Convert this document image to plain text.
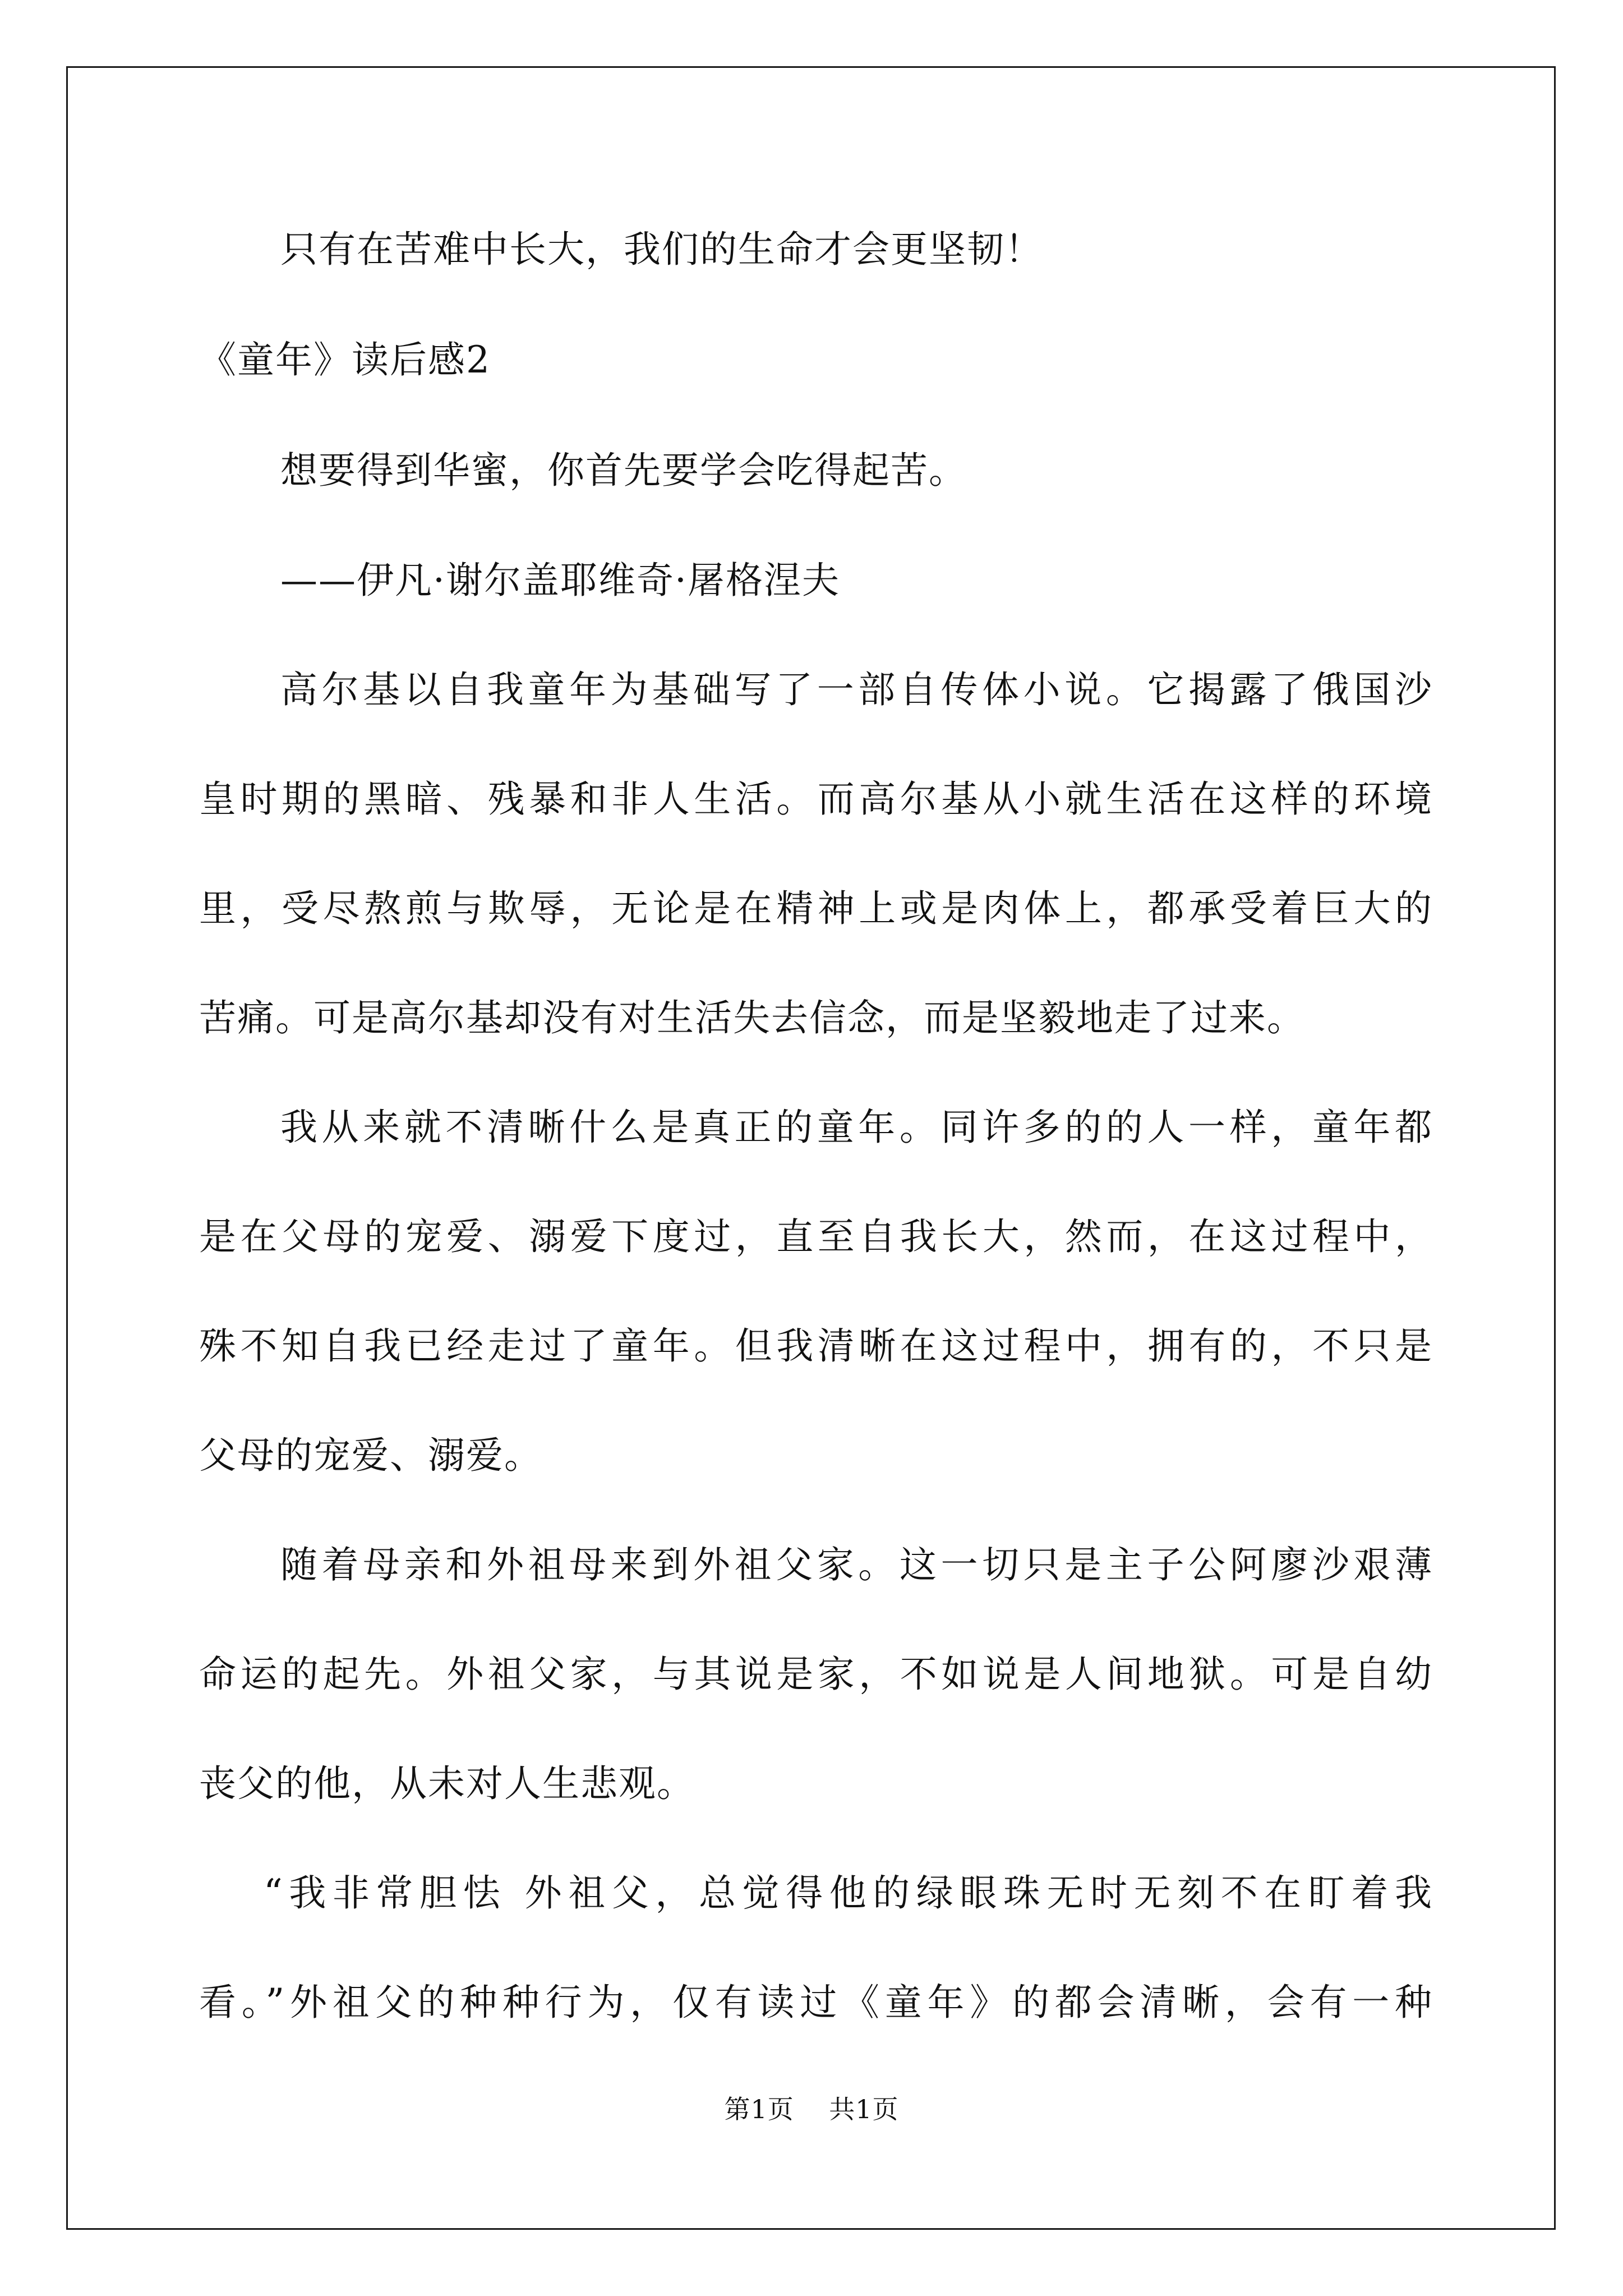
只有在苦难中长大，我们的生命才会更坚韧！
《童年》读后感2
想要得到华蜜，你首先要学会吃得起苦。
——伊凡·谢尔盖耶维奇·屠格涅夫
高尔基以自我童年为基础写了一部自传体小说。它揭露了俄国沙
皇时期的黑暗、残暴和非人生活。而高尔基从小就生活在这样的环境
里，受尽熬煎与欺辱，无论是在精神上或是肉体上，都承受着巨大的
苦痛。可是高尔基却没有对生活失去信念，而是坚毅地走了过来。
我从来就不清晰什么是真正的童年。同许多的的人一样，童年都
是在父母的宠爱、溺爱下度过，直至自我长大，然而，在这过程中，
殊不知自我已经走过了童年。但我清晰在这过程中，拥有的，不只是
父母的宠爱、溺爱。
随着母亲和外祖母来到外祖父家。这一切只是主子公阿廖沙艰薄
命运的起先。外祖父家，与其说是家，不如说是人间地狱。可是自幼
丧父的他，从未对人生悲观。
“我非常胆怯 外祖父，总觉得他的绿眼珠无时无刻不在盯着我
看。”外祖父的种种行为，仅有读过《童年》的都会清晰，会有一种
第1页 共1页
